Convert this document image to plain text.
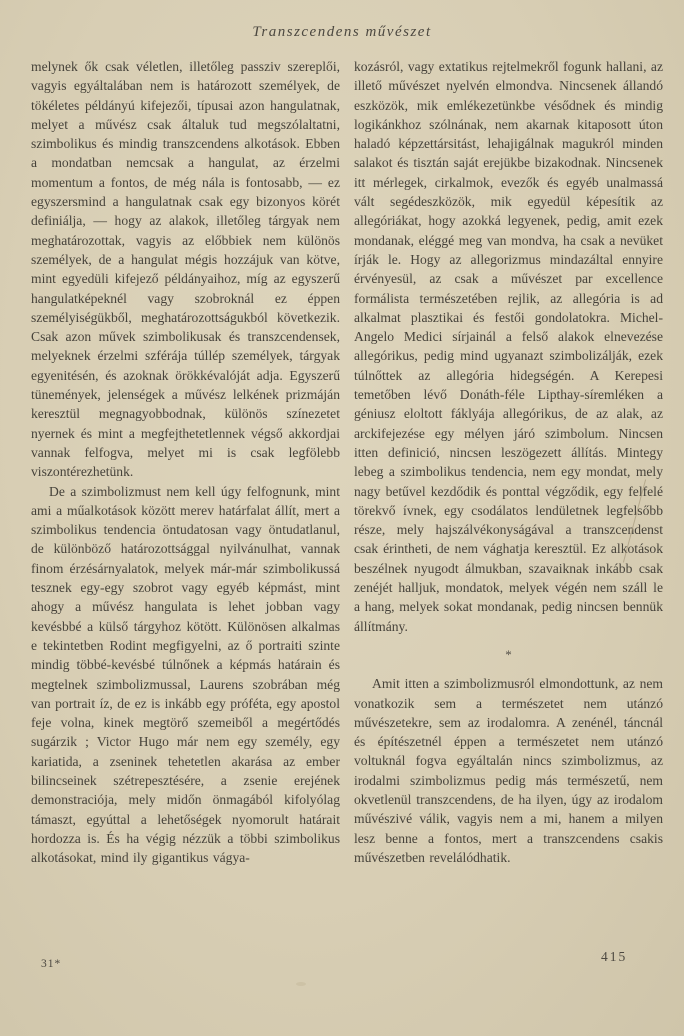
Transzcendens művészet

melynek ők csak véletlen, illetőleg passziv szereplői, vagyis egyáltalában nem is határozott személyek, de tökéletes példányú kifejezői, típusai azon hangulatnak, melyet a művész csak általuk tud megszólaltatni, szimbolikus és mindig transzcendens alkotások. Ebben a mondatban nemcsak a hangulat, az érzelmi momentum a fontos, de még nála is fontosabb, — ez egyszersmind a hangulatnak csak egy bizonyos körét definiálja, — hogy az alakok, illetőleg tárgyak nem meghatározottak, vagyis az előbbiek nem különös személyek, de a hangulat mégis hozzájuk van kötve, mint egyedüli kifejező példányaihoz, míg az egyszerű hangulatképeknél vagy szobroknál ez éppen személyiségükből, meghatározottságukból következik. Csak azon művek szimbolikusak és transzcendensek, melyeknek érzelmi szférája túllép személyek, tárgyak egyenitésén, és azoknak örökkévalóját adja. Egyszerű tünemények, jelenségek a művész lelkének prizmáján keresztül megnagyobbodnak, különös színezetet nyernek és mint a megfejthetetlennek végső akkordjai vannak felfogva, melyet mi is csak legfölebb viszontérezhetünk.

De a szimbolizmust nem kell úgy felfognunk, mint ami a műalkotások között merev határfalat állít, mert a szimbolikus tendencia öntudatosan vagy öntudatlanul, de különböző határozottsággal nyilvánulhat, vannak finom érzésárnyalatok, melyek már-már szimbolikussá tesznek egy-egy szobrot vagy egyéb képmást, mint ahogy a művész hangulata is lehet jobban vagy kevésbbé a külső tárgyhoz kötött. Különösen alkalmas e tekintetben Rodint megfigyelni, az ő portraiti szinte mindig többé-kevésbé túlnőnek a képmás határain és megtelnek szimbolizmussal, Laurens szobrában még van portrait íz, de ez is inkább egy próféta, egy apostol feje volna, kinek megtörő szemeiből a megértődés sugárzik ; Victor Hugo már nem egy személy, egy kariatida, a zseninek tehetetlen akarása az ember bilincseinek szétrepesztésére, a zsenie erejének demonstraciója, mely midőn önmagából kifolyólag támaszt, egyúttal a lehetőségek nyomorult határait hordozza is. És ha végig nézzük a többi szimbolikus alkotásokat, mind ily gigantikus vágya-

kozásról, vagy extatikus rejtelmekről fogunk hallani, az illető művészet nyelvén elmondva. Nincsenek állandó eszközök, mik emlékezetünkbe vésődnek és mindig logikánkhoz szólnának, nem akarnak kitaposott úton haladó képzettársitást, lehajigálnak magukról minden salakot és tisztán saját erejükbe bizakodnak. Nincsenek itt mérlegek, cirkalmok, evezők és egyéb unalmassá vált segédeszközök, mik egyedül képesítik az allegóriákat, hogy azokká legyenek, pedig, amit ezek mondanak, eléggé meg van mondva, ha csak a nevüket írják le. Hogy az allegorizmus mindazáltal ennyire érvényesül, az csak a művészet par excellence formálista természetében rejlik, az allegória is ad alkalmat plasztikai és festői gondolatokra. Michel-Angelo Medici sírjainál a felső alakok elnevezése allegórikus, pedig mind ugyanazt szimbolizálják, ezek túlnőttek az allegória hidegségén. A Kerepesi temetőben lévő Donáth-féle Lipthay-síremléken a géniusz eloltott fáklyája allegórikus, de az alak, az arckifejezése egy mélyen járó szimbolum. Nincsen itten definició, nincsen leszögezett állítás. Mintegy lebeg a szimbolikus tendencia, nem egy mondat, mely nagy betűvel kezdődik és ponttal végződik, egy felfelé törekvő ívnek, egy csodálatos lendületnek legfelsőbb része, mely hajszálvékonyságával a transzcendenst csak érintheti, de nem vághatja keresztül. Ez alkotások beszélnek nyugodt álmukban, szavaiknak inkább csak zenéjét halljuk, mondatok, melyek végén nem száll le a hang, melyek sokat mondanak, pedig nincsen bennük állítmány.

*

Amit itten a szimbolizmusról elmondottunk, az nem vonatkozik sem a természetet nem utánzó művészetekre, sem az irodalomra. A zenénél, táncnál és építészetnél éppen a természetet nem utánzó voltuknál fogva egyáltalán nincs szimbolizmus, az irodalmi szimbolizmus pedig más természetű, nem okvetlenül transzcendens, de ha ilyen, úgy az irodalom művészivé válik, vagyis nem a mi, hanem a milyen lesz benne a fontos, mert a transzcendens csakis művészetben revelálódhatik.

31*	415
